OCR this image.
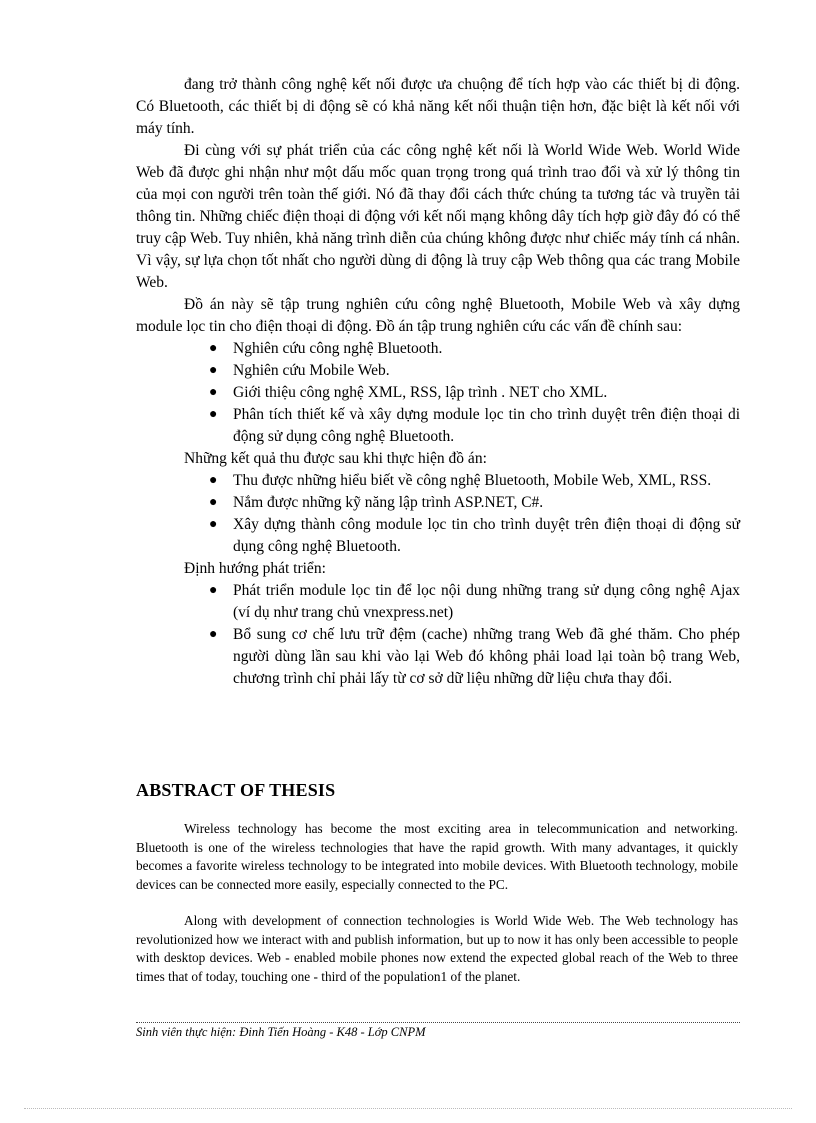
đang trở thành công nghệ kết nối được ưa chuộng để tích hợp vào các thiết bị di động. Có Bluetooth, các thiết bị di động sẽ có khả năng kết nối thuận tiện hơn, đặc biệt là kết nối với máy tính.

Đi cùng với sự phát triển của các công nghệ kết nối là World Wide Web. World Wide Web đã được ghi nhận như một dấu mốc quan trọng trong quá trình trao đổi và xử lý thông tin của mọi con người trên toàn thế giới. Nó đã thay đổi cách thức chúng ta tương tác và truyền tải thông tin. Những chiếc điện thoại di động với kết nối mạng không dây tích hợp giờ đây đó có thể truy cập Web. Tuy nhiên, khả năng trình diễn của chúng không được như chiếc máy tính cá nhân. Vì vậy, sự lựa chọn tốt nhất cho người dùng di động là truy cập Web thông qua các trang Mobile Web.

Đồ án này sẽ tập trung nghiên cứu công nghệ Bluetooth, Mobile Web và xây dựng module lọc tin cho điện thoại di động. Đồ án tập trung nghiên cứu các vấn đề chính sau:

● Nghiên cứu công nghệ Bluetooth.
● Nghiên cứu Mobile Web.
● Giới thiệu công nghệ XML, RSS, lập trình . NET cho XML.
● Phân tích thiết kế và xây dựng module lọc tin cho trình duyệt trên điện thoại di động sử dụng công nghệ Bluetooth.

Những kết quả thu được sau khi thực hiện đồ án:

● Thu được những hiểu biết về công nghệ Bluetooth, Mobile Web, XML, RSS.
● Nắm được những kỹ năng lập trình ASP.NET, C#.
● Xây dựng thành công module lọc tin cho trình duyệt trên điện thoại di động sử dụng công nghệ Bluetooth.

Định hướng phát triển:

● Phát triển module lọc tin để lọc nội dung những trang sử dụng công nghệ Ajax (ví dụ như trang chủ vnexpress.net)
● Bổ sung cơ chế lưu trữ đệm (cache) những trang Web đã ghé thăm. Cho phép người dùng lần sau khi vào lại Web đó không phải load lại toàn bộ trang Web, chương trình chỉ phải lấy từ cơ sở dữ liệu những dữ liệu chưa thay đổi.
ABSTRACT OF THESIS

Wireless technology has become the most exciting area in telecommunication and networking. Bluetooth is one of the wireless technologies that have the rapid growth. With many advantages, it quickly becomes a favorite wireless technology to be integrated into mobile devices. With Bluetooth technology, mobile devices can be connected more easily, especially connected to the PC.

Along with development of connection technologies is World Wide Web. The Web technology has revolutionized how we interact with and publish information, but up to now it has only been accessible to people with desktop devices. Web - enabled mobile phones now extend the expected global reach of the Web to three times that of today, touching one - third of the population1 of the planet.

Sinh viên thực hiện: Đinh Tiến Hoàng - K48 - Lớp CNPM
